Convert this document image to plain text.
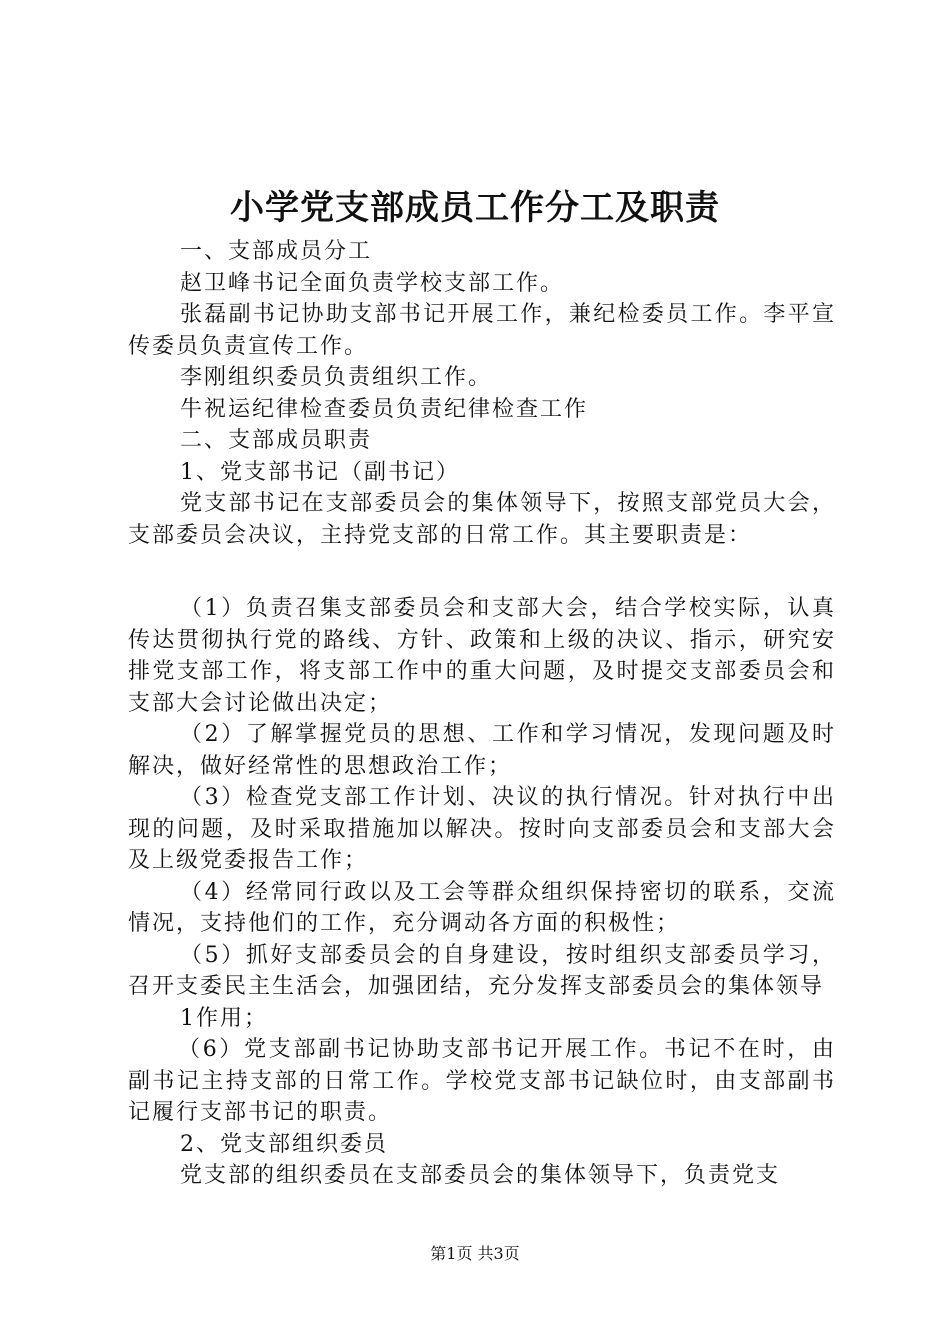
小学党支部成员工作分工及职责

一、支部成员分工

赵卫峰书记全面负责学校支部工作。

张磊副书记协助支部书记开展工作，兼纪检委员工作。李平宣传委员负责宣传工作。

李刚组织委员负责组织工作。

牛祝运纪律检查委员负责纪律检查工作

二、支部成员职责

1、党支部书记（副书记）

党支部书记在支部委员会的集体领导下，按照支部党员大会，支部委员会决议，主持党支部的日常工作。其主要职责是：

（1）负责召集支部委员会和支部大会，结合学校实际，认真传达贯彻执行党的路线、方针、政策和上级的决议、指示，研究安排党支部工作，将支部工作中的重大问题，及时提交支部委员会和支部大会讨论做出决定；

（2）了解掌握党员的思想、工作和学习情况，发现问题及时解决，做好经常性的思想政治工作；

（3）检查党支部工作计划、决议的执行情况。针对执行中出现的问题，及时采取措施加以解决。按时向支部委员会和支部大会及上级党委报告工作；

（4）经常同行政以及工会等群众组织保持密切的联系，交流情况，支持他们的工作，充分调动各方面的积极性；

（5）抓好支部委员会的自身建设，按时组织支部委员学习，召开支委民主生活会，加强团结，充分发挥支部委员会的集体领导

1作用；

（6）党支部副书记协助支部书记开展工作。书记不在时，由副书记主持支部的日常工作。学校党支部书记缺位时，由支部副书记履行支部书记的职责。

2、党支部组织委员

党支部的组织委员在支部委员会的集体领导下，负责党支

第1页 共3页
